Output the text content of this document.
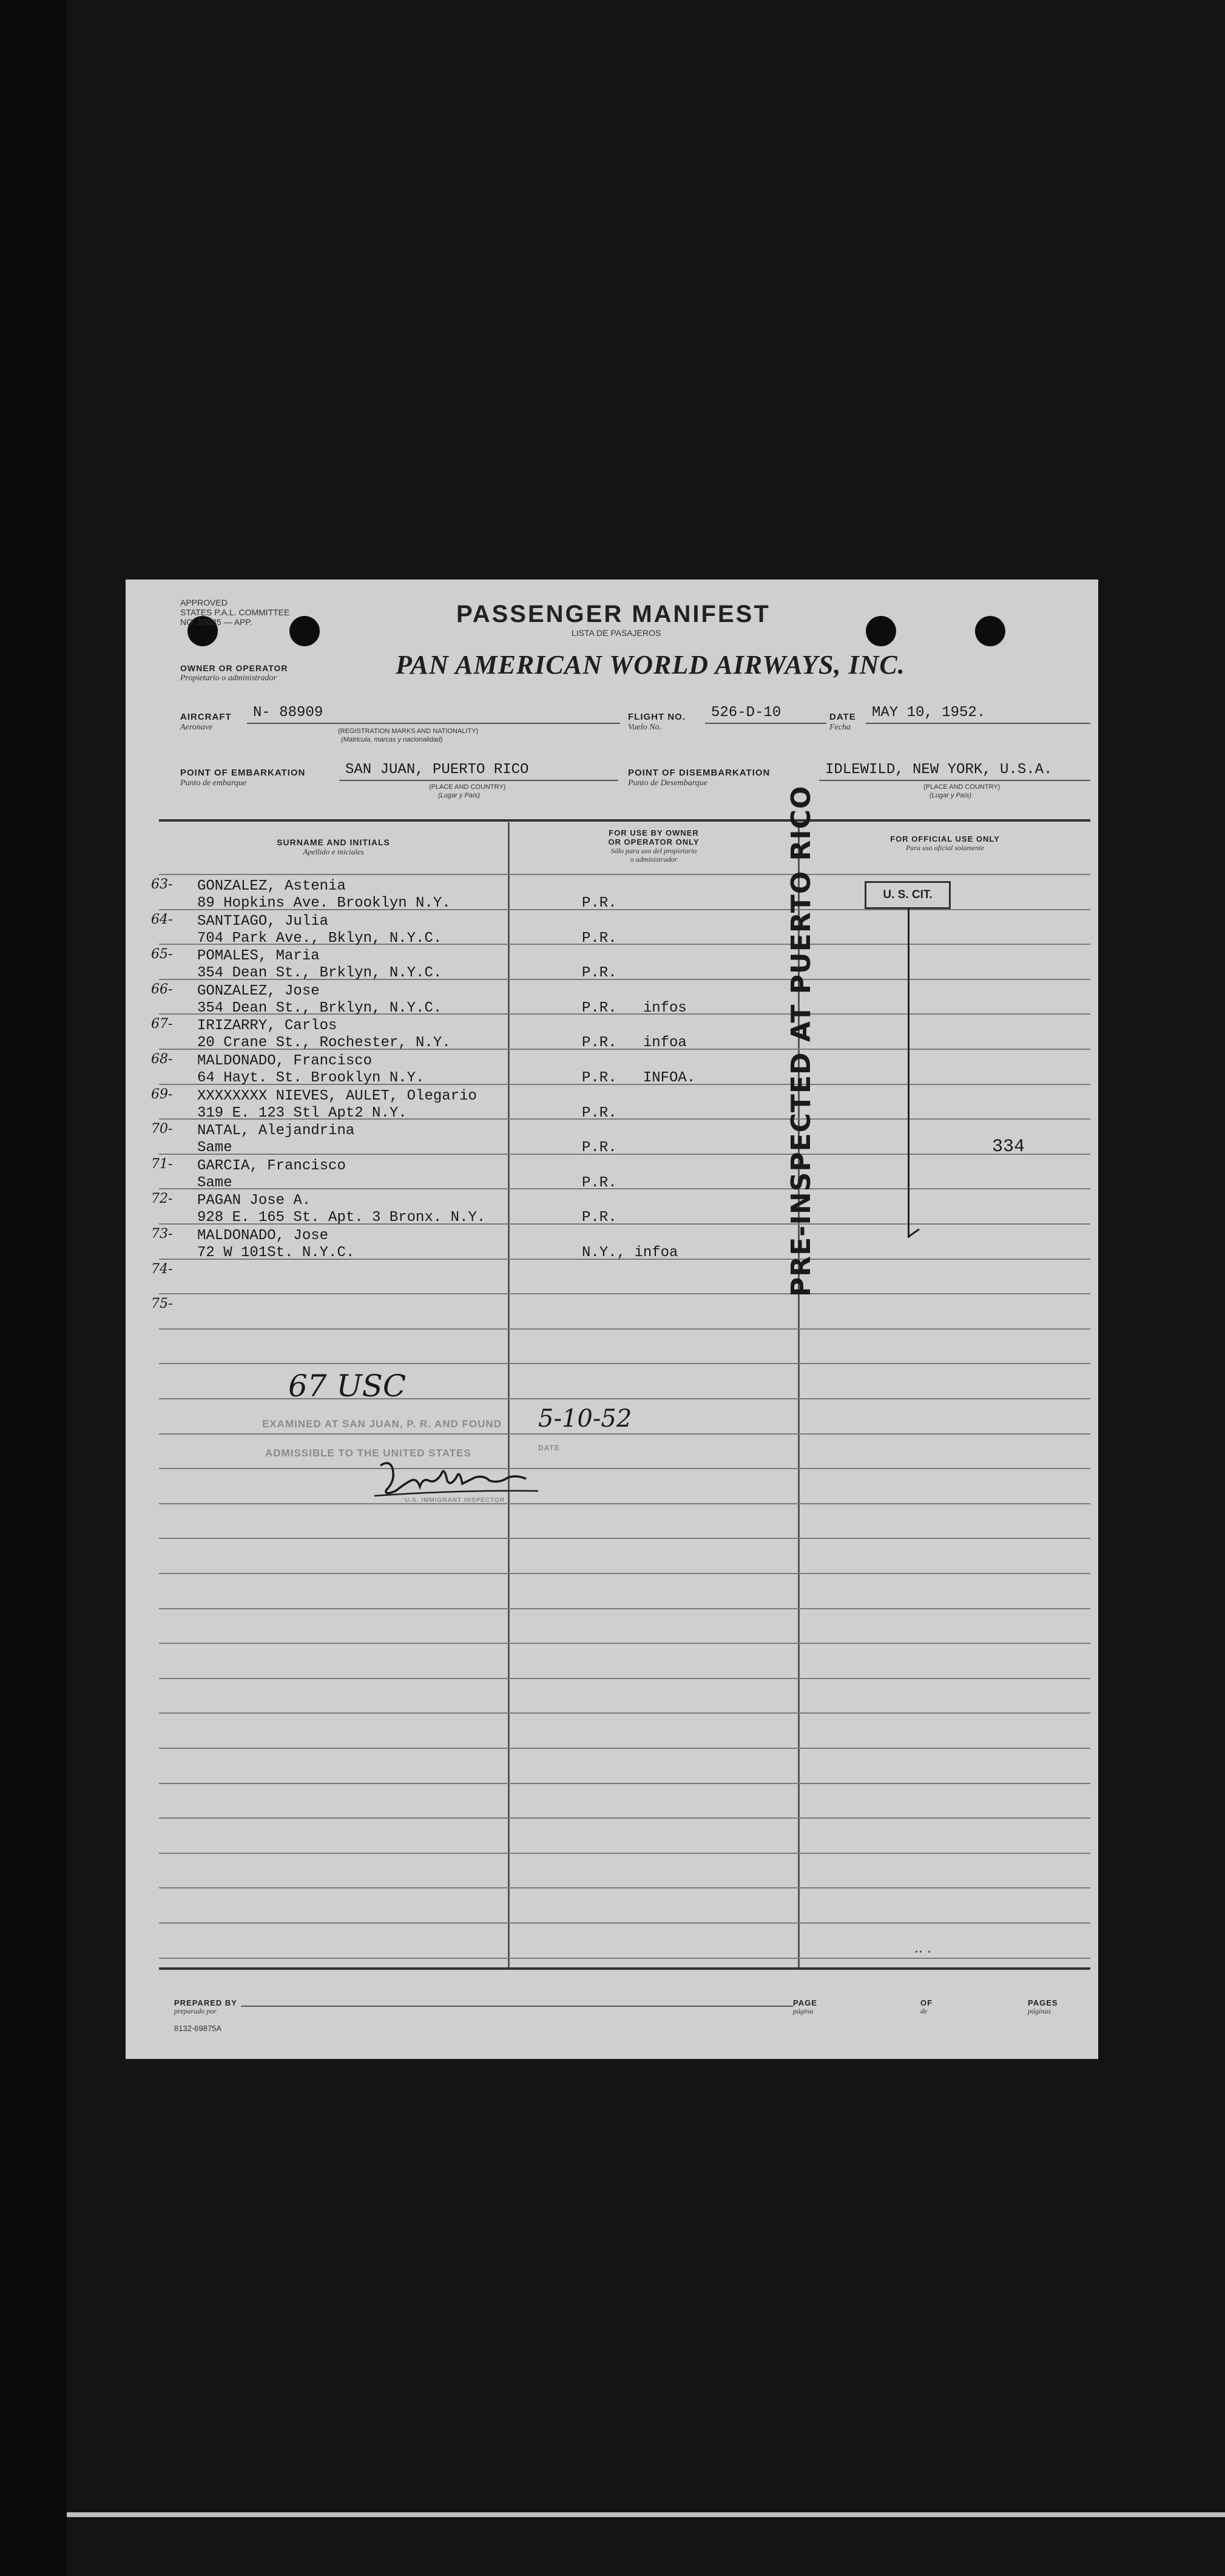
APPROVED
STATES P.A.L. COMMITTEE
NO. 20035 — APP.	PASSENGER MANIFEST
LISTA DE PASAJEROS
OWNER OR OPERATOR
Propietario o administrador	PAN AMERICAN WORLD AIRWAYS, INC.
AIRCRAFT
Aeronave
N- 88909
(REGISTRATION MARKS AND NATIONALITY)
(Matricula, marcas y nacionalidad)
FLIGHT NO.
Vuelo No.
526-D-10	DATE
Fecha
MAY 10, 1952.
POINT OF EMBARKATION
Punto de embarque
SAN JUAN, PUERTO RICO
(PLACE AND COUNTRY)
(Lugar y País)
POINT OF DISEMBARKATION
Punto de Desembarque
IDLEWILD, NEW YORK, U.S.A.
(PLACE AND COUNTRY)
(Lugar y País)
SURNAME AND INITIALS
Apellido e iniciales
FOR USE BY OWNER
OR OPERATOR ONLY
Sólo para uso del propietario
o administrador
FOR OFFICIAL USE ONLY
Para uso oficial solamente
63- GONZALEZ, Astenia
89 Hopkins Ave. Brooklyn N.Y.	P.R.
64- SANTIAGO, Julia
704 Park Ave., Bklyn, N.Y.C.	P.R.
65- POMALES, Maria
354 Dean St., Brklyn, N.Y.C.	P.R.
66- GONZALEZ, Jose
354 Dean St., Brklyn, N.Y.C.	P.R.   infos
67- IRIZARRY, Carlos
20 Crane St., Rochester, N.Y.	P.R.   infoa
68- MALDONADO, Francisco
64 Hayt. St. Brooklyn N.Y.	P.R.   INFOA.
69- XXXXXXXX NIEVES, AULET, Olegario
319 E. 123 Stl Apt2 N.Y.	P.R.
70- NATAL, Alejandrina
Same	P.R.
71- GARCIA, Francisco
Same	P.R.
72- PAGAN Jose A.
928 E. 165 St. Apt. 3 Bronx. N.Y.	P.R.
73- MALDONADO, Jose
72 W 101St. N.Y.C.	N.Y., infoa
74-
75-
U. S. CIT.
PRE-INSPECTED AT PUERTO RICO	334
67 USC
EXAMINED AT SAN JUAN, P. R. AND FOUND
ADMISSIBLE TO THE UNITED STATES
5-10-52
DATE
U.S. IMMIGRANT INSPECTOR
·· ·
PREPARED BY
preparado por
8132-69875A
PAGE
página
OF
de
PAGES
páginas
